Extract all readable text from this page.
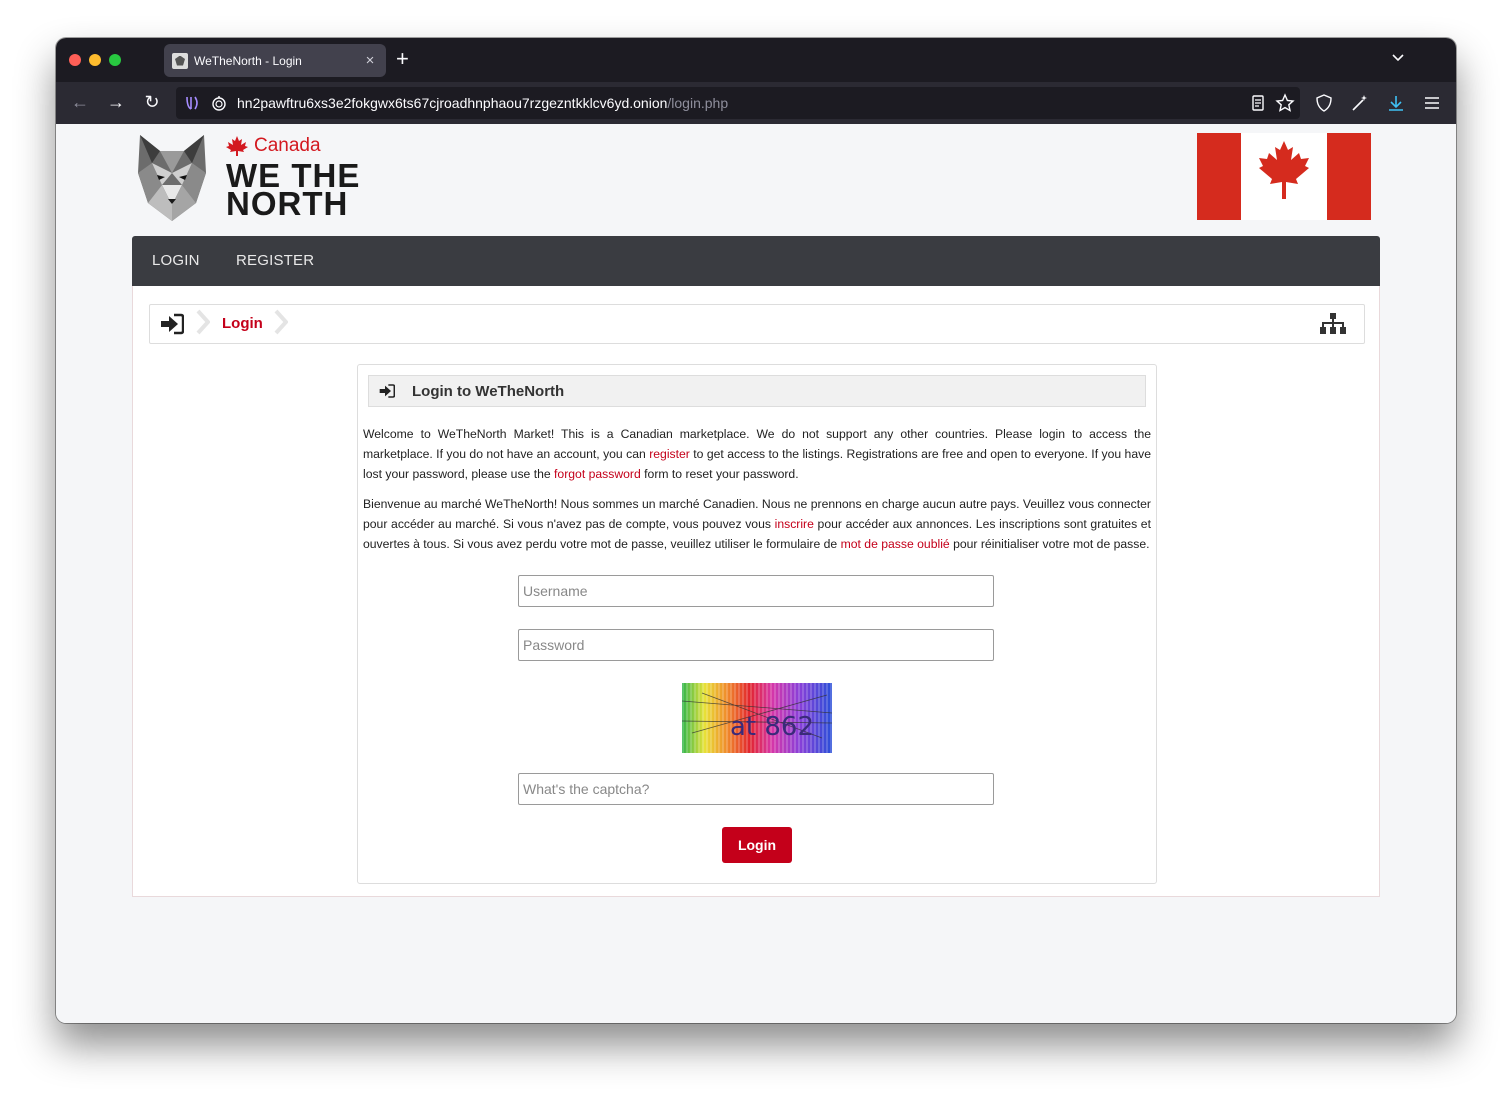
WeTheNorth - Login	× +
← → ↻	hn2pawftru6xs3e2fokgwx6ts67cjroadhnphaou7rzgezntkklcv6yd.onion/login.php
Canada
WE THE
NORTH
LOGIN REGISTER
Login
Login to WeTheNorth

Welcome to WeTheNorth Market! This is a Canadian marketplace. We do not support any other countries. Please login to access the marketplace. If you do not have an account, you can register to get access to the listings. Registrations are free and open to everyone. If you have lost your password, please use the forgot password form to reset your password.

Bienvenue au marché WeTheNorth! Nous sommes un marché Canadien. Nous ne prennons en charge aucun autre pays. Veuillez vous connecter pour accéder au marché. Si vous n'avez pas de compte, vous pouvez vous inscrire pour accéder aux annonces. Les inscriptions sont gratuites et ouvertes à tous. Si vous avez perdu votre mot de passe, veuillez utiliser le formulaire de mot de passe oublié pour réinitialiser votre mot de passe.

Username
at 862
What's the captcha?
Login
